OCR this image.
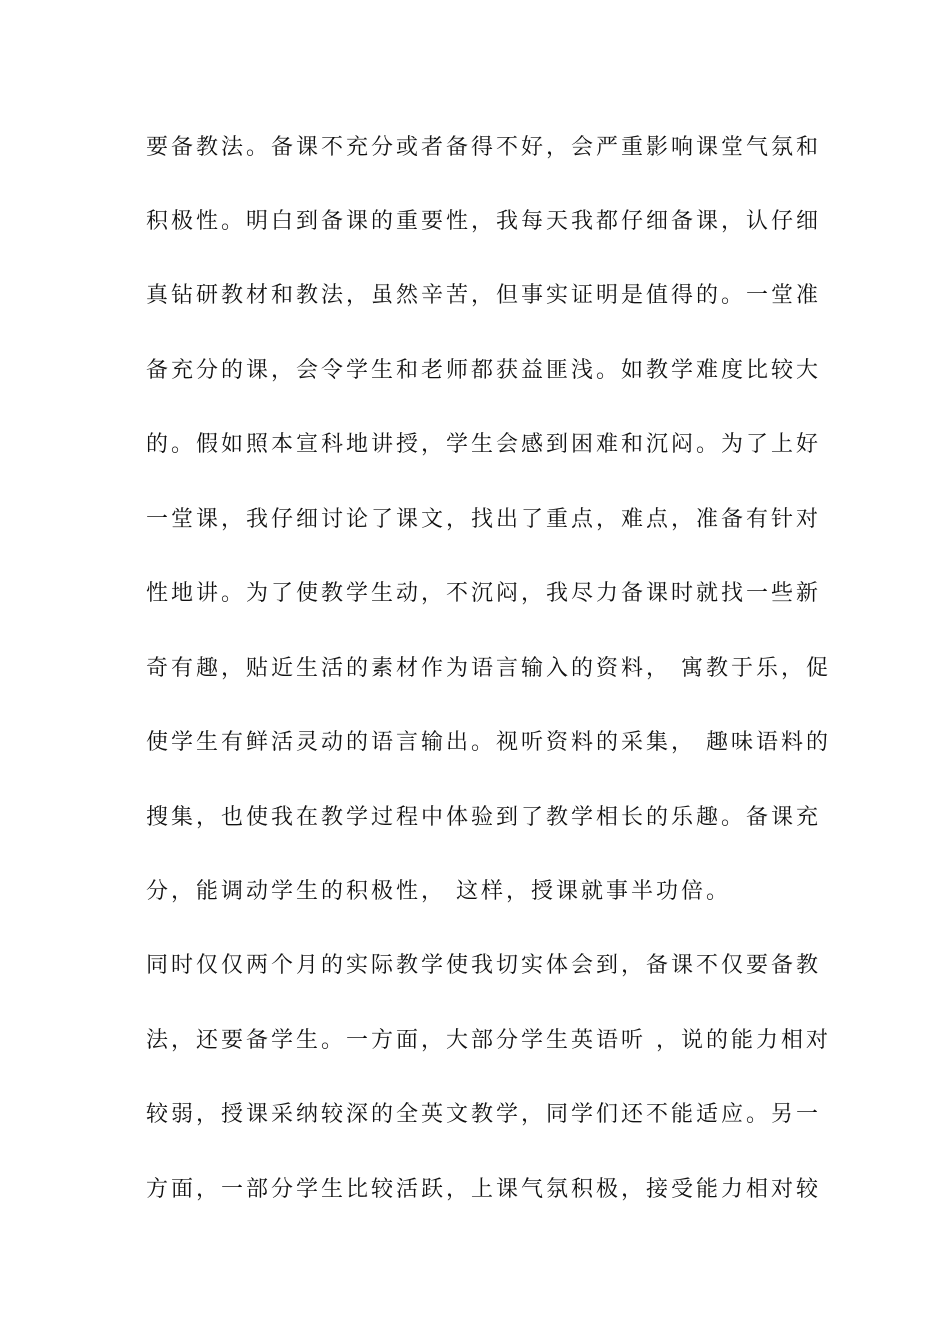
要备教法。备课不充分或者备得不好，会严重影响课堂气氛和
积极性。明白到备课的重要性，我每天我都仔细备课，认仔细
真钻研教材和教法，虽然辛苦，但事实证明是值得的。一堂准
备充分的课，会令学生和老师都获益匪浅。如教学难度比较大
的。假如照本宣科地讲授，学生会感到困难和沉闷。为了上好
一堂课，我仔细讨论了课文，找出了重点，难点，准备有针对
性地讲。为了使教学生动，不沉闷，我尽力备课时就找一些新
奇有趣，贴近生活的素材作为语言输入的资料， 寓教于乐，促
使学生有鲜活灵动的语言输出。视听资料的采集， 趣味语料的
搜集，也使我在教学过程中体验到了教学相长的乐趣。备课充
分，能调动学生的积极性， 这样，授课就事半功倍。
同时仅仅两个月的实际教学使我切实体会到，备课不仅要备教
法，还要备学生。一方面，大部分学生英语听 ，说的能力相对
较弱，授课采纳较深的全英文教学，同学们还不能适应。另一
方面，一部分学生比较活跃，上课气氛积极，接受能力相对较
